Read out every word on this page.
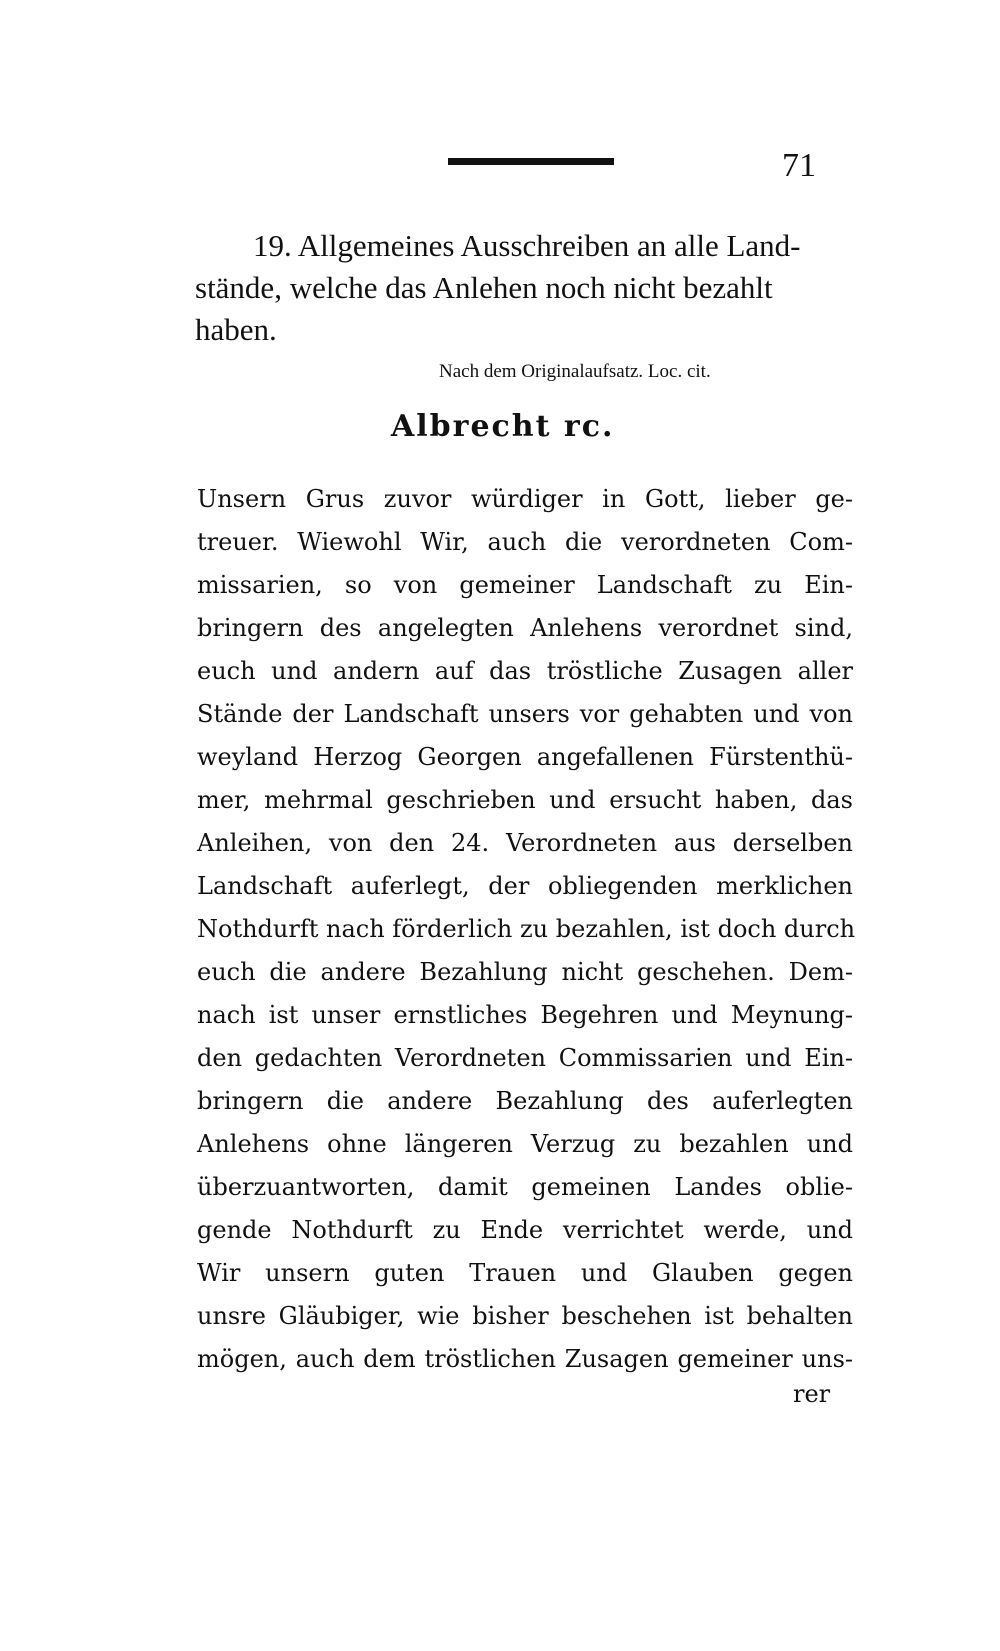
71
19. Allgemeines Ausschreiben an alle Land-
stände, welche das Anlehen noch nicht bezahlt
haben.
Nach dem Originalaufsatz. Loc. cit.
Albrecht rc.
Unsern Grus zuvor würdiger in Gott, lieber ge-
treuer. Wiewohl Wir, auch die verordneten Com-
missarien, so von gemeiner Landschaft zu Ein-
bringern des angelegten Anlehens verordnet sind,
euch und andern auf das tröstliche Zusagen aller
Stände der Landschaft unsers vor gehabten und von
weyland Herzog Georgen angefallenen Fürstenthü-
mer, mehrmal geschrieben und ersucht haben, das
Anleihen, von den 24. Verordneten aus derselben
Landschaft auferlegt, der obliegenden merklichen
Nothdurft nach förderlich zu bezahlen, ist doch durch
euch die andere Bezahlung nicht geschehen. Dem-
nach ist unser ernstliches Begehren und Meynung-
den gedachten Verordneten Commissarien und Ein-
bringern die andere Bezahlung des auferlegten
Anlehens ohne längeren Verzug zu bezahlen und
überzuantworten, damit gemeinen Landes oblie-
gende Nothdurft zu Ende verrichtet werde, und
Wir unsern guten Trauen und Glauben gegen
unsre Gläubiger, wie bisher beschehen ist behalten
mögen, auch dem tröstlichen Zusagen gemeiner uns-
rer
